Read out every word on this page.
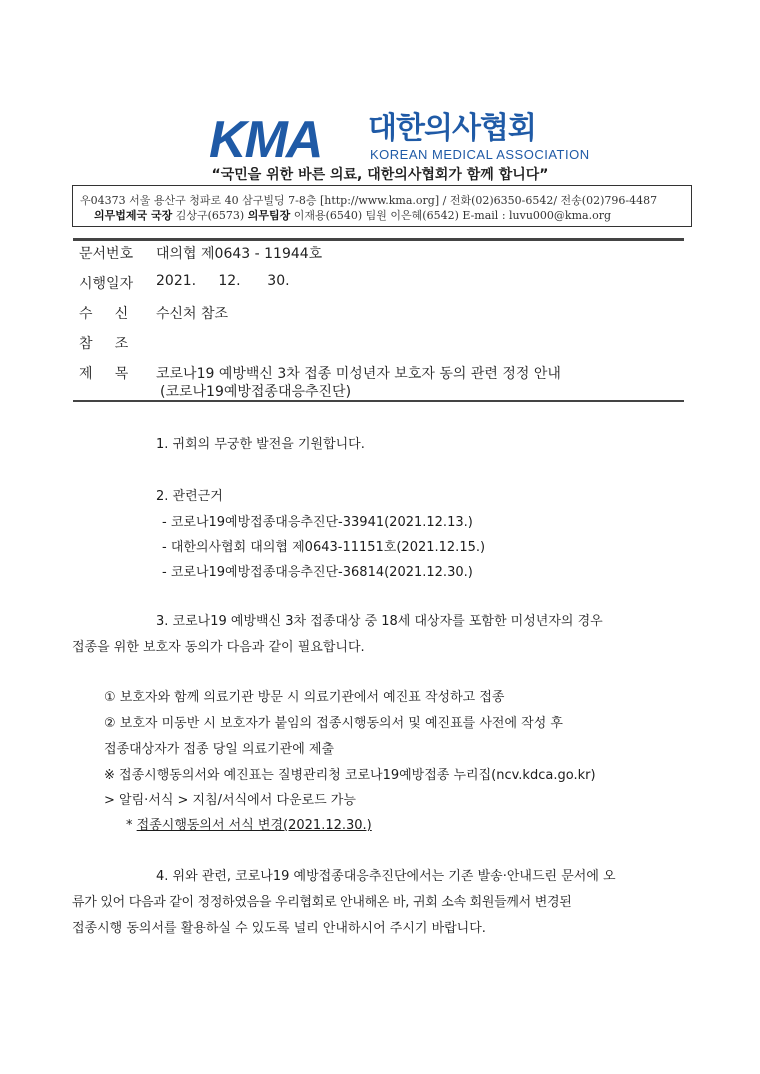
KMA 대한의사협회
KOREAN MEDICAL ASSOCIATION
“국민을 위한 바른 의료, 대한의사협회가 함께 합니다”
우04373 서울 용산구 청파로 40 삼구빌딩 7-8층 [http://www.kma.org] / 전화(02)6350-6542/ 전송(02)796-4487
의무법제국 국장 김상구(6573) 의무팀장 이재용(6540) 팀원 이은혜(6542) E-mail : luvu000@kma.org
문서번호 대의협 제0643 - 11944호
시행일자 2021.     12.      30.
수     신 수신처 참조
참     조
제     목 코로나19 예방백신 3차 접종 미성년자 보호자 동의 관련 정정 안내
(코로나19예방접종대응추진단)
1. 귀회의 무궁한 발전을 기원합니다.
2. 관련근거
- 코로나19예방접종대응추진단-33941(2021.12.13.)
- 대한의사협회 대의협 제0643-11151호(2021.12.15.)
- 코로나19예방접종대응추진단-36814(2021.12.30.)
3. 코로나19 예방백신 3차 접종대상 중 18세 대상자를 포함한 미성년자의 경우
접종을 위한 보호자 동의가 다음과 같이 필요합니다.
① 보호자와 함께 의료기관 방문 시 의료기관에서 예진표 작성하고 접종
② 보호자 미동반 시 보호자가 붙임의 접종시행동의서 및 예진표를 사전에 작성 후
접종대상자가 접종 당일 의료기관에 제출
※ 접종시행동의서와 예진표는 질병관리청 코로나19예방접종 누리집(ncv.kdca.go.kr)
> 알림·서식 > 지침/서식에서 다운로드 가능
* 접종시행동의서 서식 변경(2021.12.30.)
4. 위와 관련, 코로나19 예방접종대응추진단에서는 기존 발송·안내드린 문서에 오
류가 있어 다음과 같이 정정하였음을 우리협회로 안내해온 바, 귀회 소속 회원들께서 변경된
접종시행 동의서를 활용하실 수 있도록 널리 안내하시어 주시기 바랍니다.
